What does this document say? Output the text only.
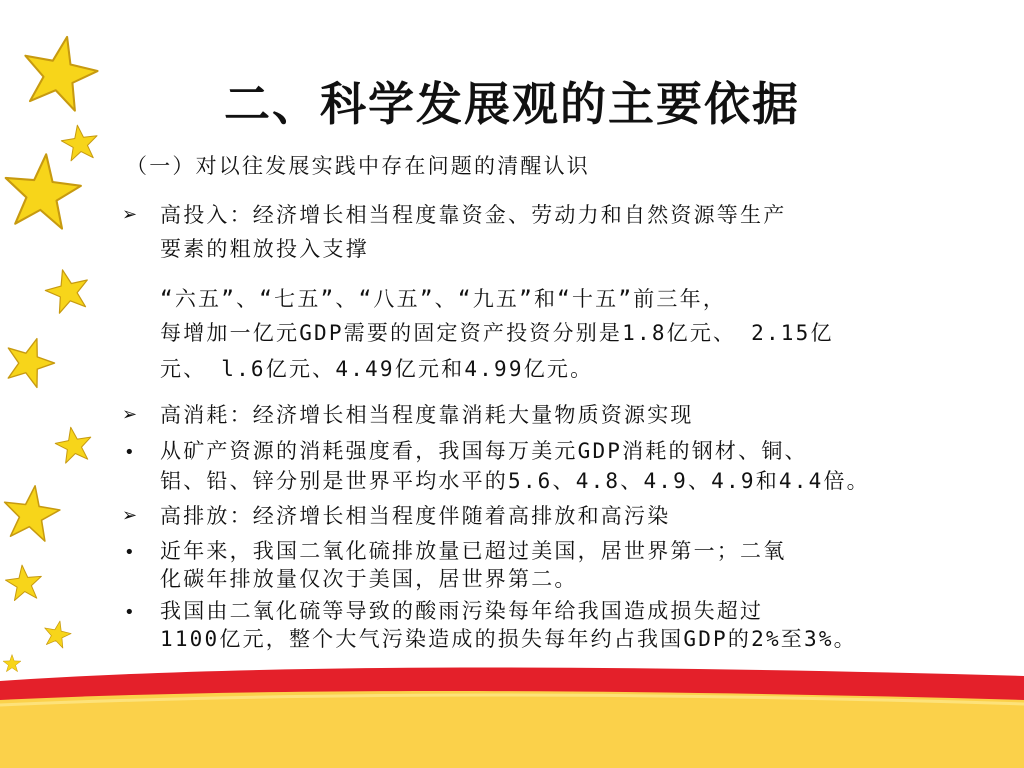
二、科学发展观的主要依据
（一）对以往发展实践中存在问题的清醒认识
➢ 高投入：经济增长相当程度靠资金、劳动力和自然资源等生产
要素的粗放投入支撑
“六五”、“七五”、“八五”、“九五”和“十五”前三年，
每增加一亿元GDP需要的固定资产投资分别是1.8亿元、 2.15亿
元、 l.6亿元、4.49亿元和4.99亿元。
➢ 高消耗：经济增长相当程度靠消耗大量物质资源实现
• 从矿产资源的消耗强度看，我国每万美元GDP消耗的钢材、铜、
铝、铅、锌分别是世界平均水平的5.6、4.8、4.9、4.9和4.4倍。
➢ 高排放：经济增长相当程度伴随着高排放和高污染
• 近年来，我国二氧化硫排放量已超过美国，居世界第一；二氧
化碳年排放量仅次于美国，居世界第二。
• 我国由二氧化硫等导致的酸雨污染每年给我国造成损失超过
1100亿元，整个大气污染造成的损失每年约占我国GDP的2%至3%。
